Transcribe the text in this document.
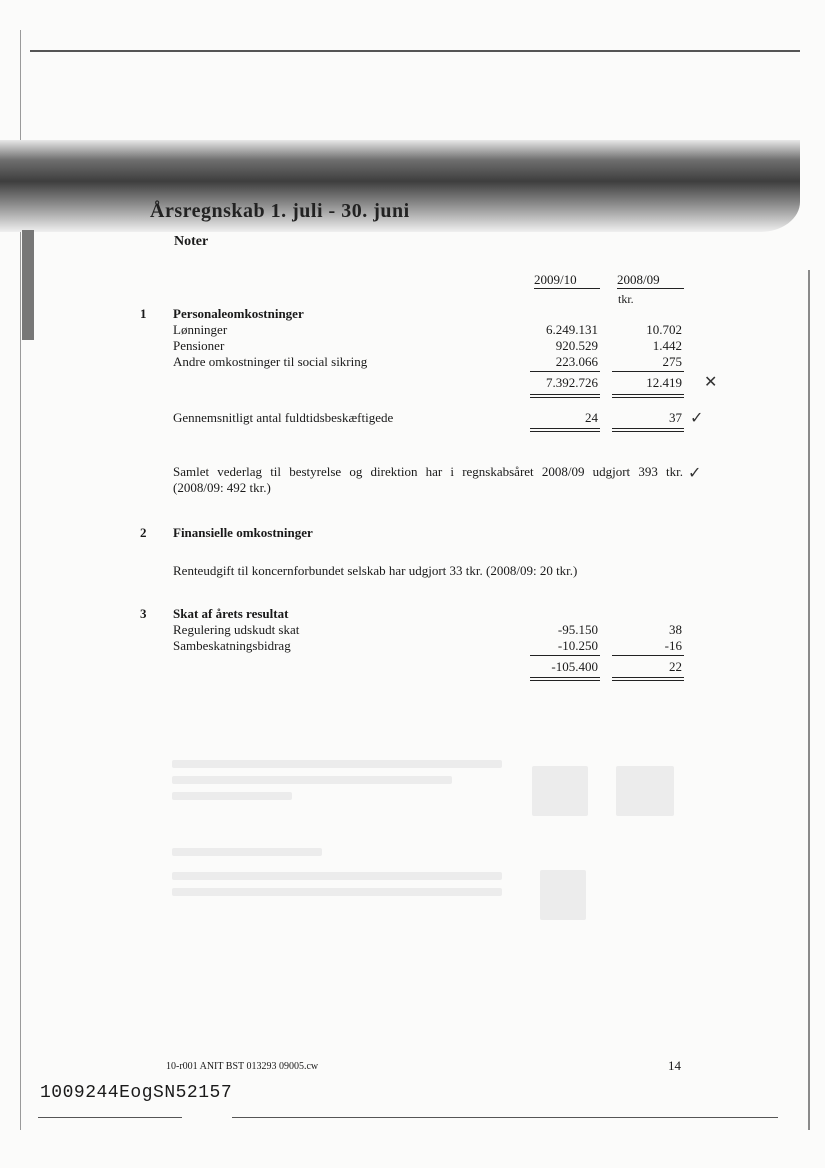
Årsregnskab 1. juli - 30. juni
Noter
2009/10	2008/09
tkr.
1 Personaleomkostninger
Lønninger	6.249.131	10.702
Pensioner	920.529	1.442
Andre omkostninger til social sikring	223.066	275
7.392.726	12.419 ✕
Gennemsnitligt antal fuldtidsbeskæftigede	24	37 ✓
Samlet vederlag til bestyrelse og direktion har i regnskabsåret 2008/09 udgjort 393 tkr.
(2008/09: 492 tkr.)
✓
2 Finansielle omkostninger
Renteudgift til koncernforbundet selskab har udgjort 33 tkr. (2008/09: 20 tkr.)
3 Skat af årets resultat
Regulering udskudt skat	-95.150	38
Sambeskatningsbidrag	-10.250	-16
-105.400	22
10-r001 ANIT BST 013293 09005.cw	14
1009244EogSN52157
